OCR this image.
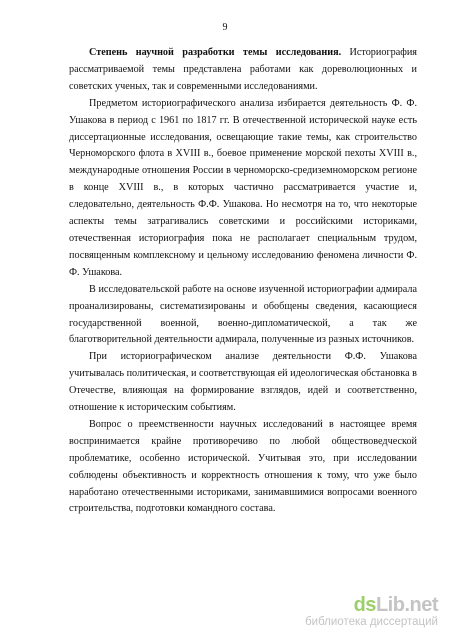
9

Степень научной разработки темы исследования. Историография рассматриваемой темы представлена работами как дореволюционных и советских ученых, так и современными исследованиями.

Предметом историографического анализа избирается деятельность Ф. Ф. Ушакова в период с 1961 по 1817 гг. В отечественной исторической науке есть диссертационные исследования, освещающие такие темы, как строительство Черноморского флота в XVIII в., боевое применение морской пехоты XVIII в., международные отношения России в черноморско-средиземноморском регионе в конце XVIII в., в которых частично рассматривается участие и, следовательно, деятельность Ф.Ф. Ушакова. Но несмотря на то, что некоторые аспекты темы затрагивались советскими и российскими историками, отечественная историография пока не располагает специальным трудом, посвященным комплексному и цельному исследованию феномена личности Ф. Ф. Ушакова.

В исследовательской работе на основе изученной историографии адмирала проанализированы, систематизированы и обобщены сведения, касающиеся государственной военной, военно-дипломатической, а так же благотворительной деятельности адмирала, полученные из разных источников.

При историографическом анализе деятельности Ф.Ф. Ушакова учитывалась политическая, и соответствующая ей идеологическая обстановка в Отечестве, влияющая на формирование взглядов, идей и соответственно, отношение к историческим событиям.

Вопрос о преемственности научных исследований в настоящее время воспринимается крайне противоречиво по любой обществоведческой проблематике, особенно исторической. Учитывая это, при исследовании соблюдены объективность и корректность отношения к тому, что уже было наработано отечественными историками, занимавшимися вопросами военного строительства, подготовки командного состава.

dsLib.net
библиотека диссертаций
